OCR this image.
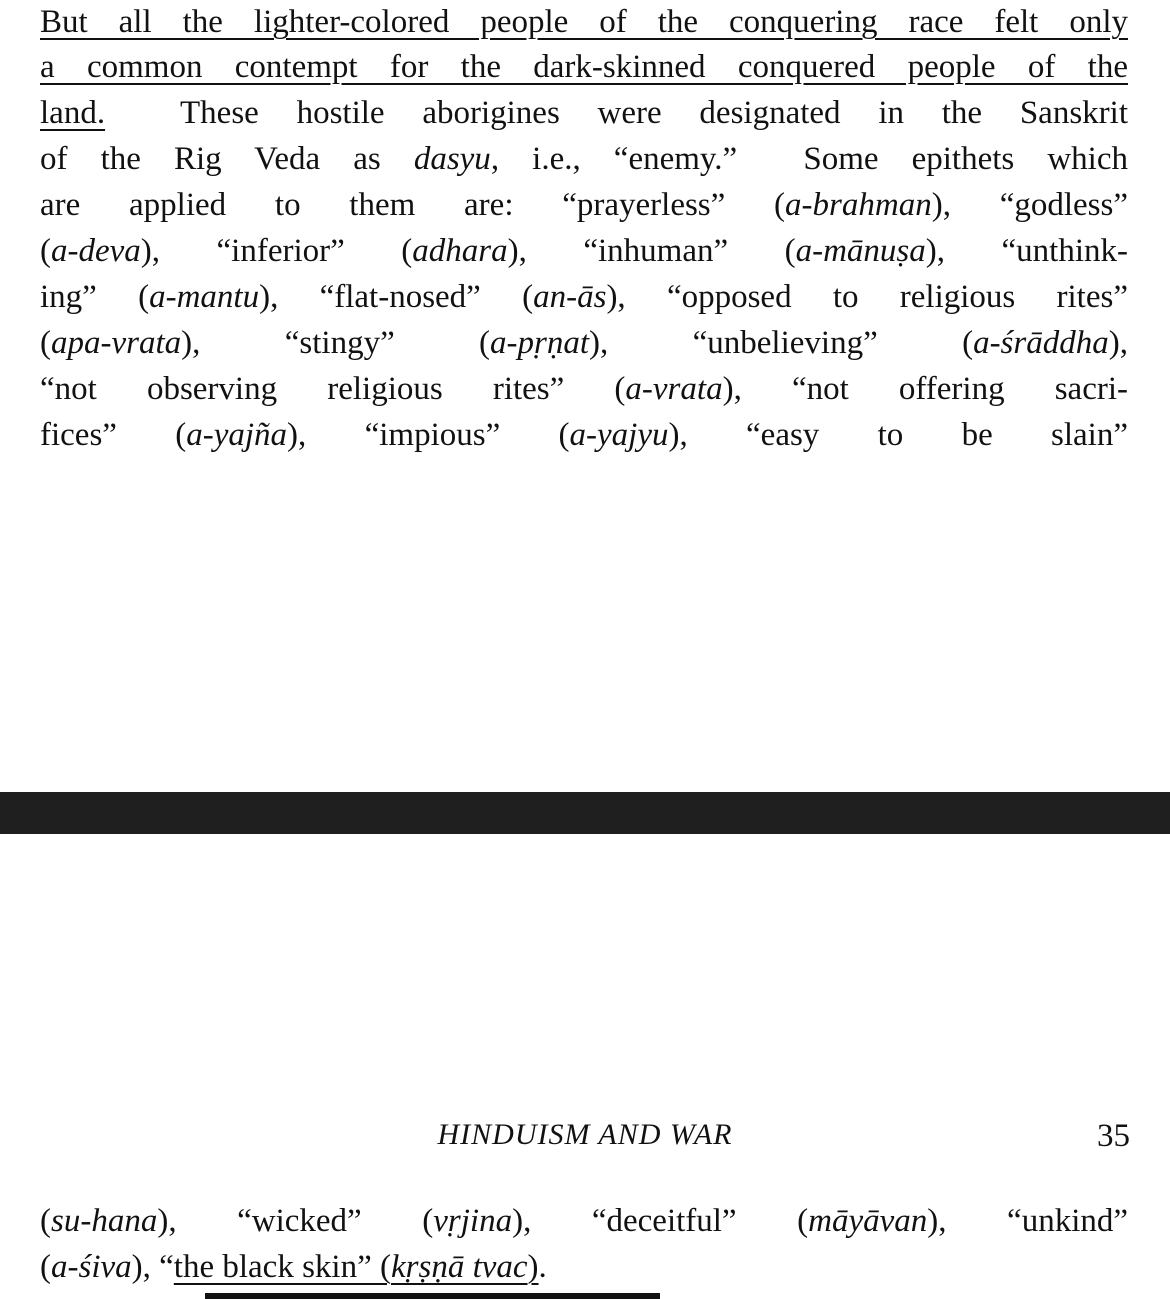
But all the lighter-colored people of the conquering race felt only
a common contempt for the dark-skinned conquered people of the
land.  These hostile aborigines were designated in the Sanskrit
of the Rig Veda as dasyu, i.e., “enemy.”  Some epithets which
are applied to them are: “prayerless” (a-brahman), “godless”
(a-deva), “inferior” (adhara), “inhuman” (a-mānuṣa), “unthink-
ing” (a-mantu), “flat-nosed” (an-ās), “opposed to religious rites”
(apa-vrata), “stingy” (a-pṛṇat), “unbelieving” (a-śrāddha),
“not observing religious rites” (a-vrata), “not offering sacri-
fices” (a-yajña), “impious” (a-yajyu), “easy to be slain”
HINDUISM AND WAR	35
(su-hana), “wicked” (vṛjina), “deceitful” (māyāvan), “unkind”
(a-śiva), “the black skin” (kṛṣṇā tvac).
